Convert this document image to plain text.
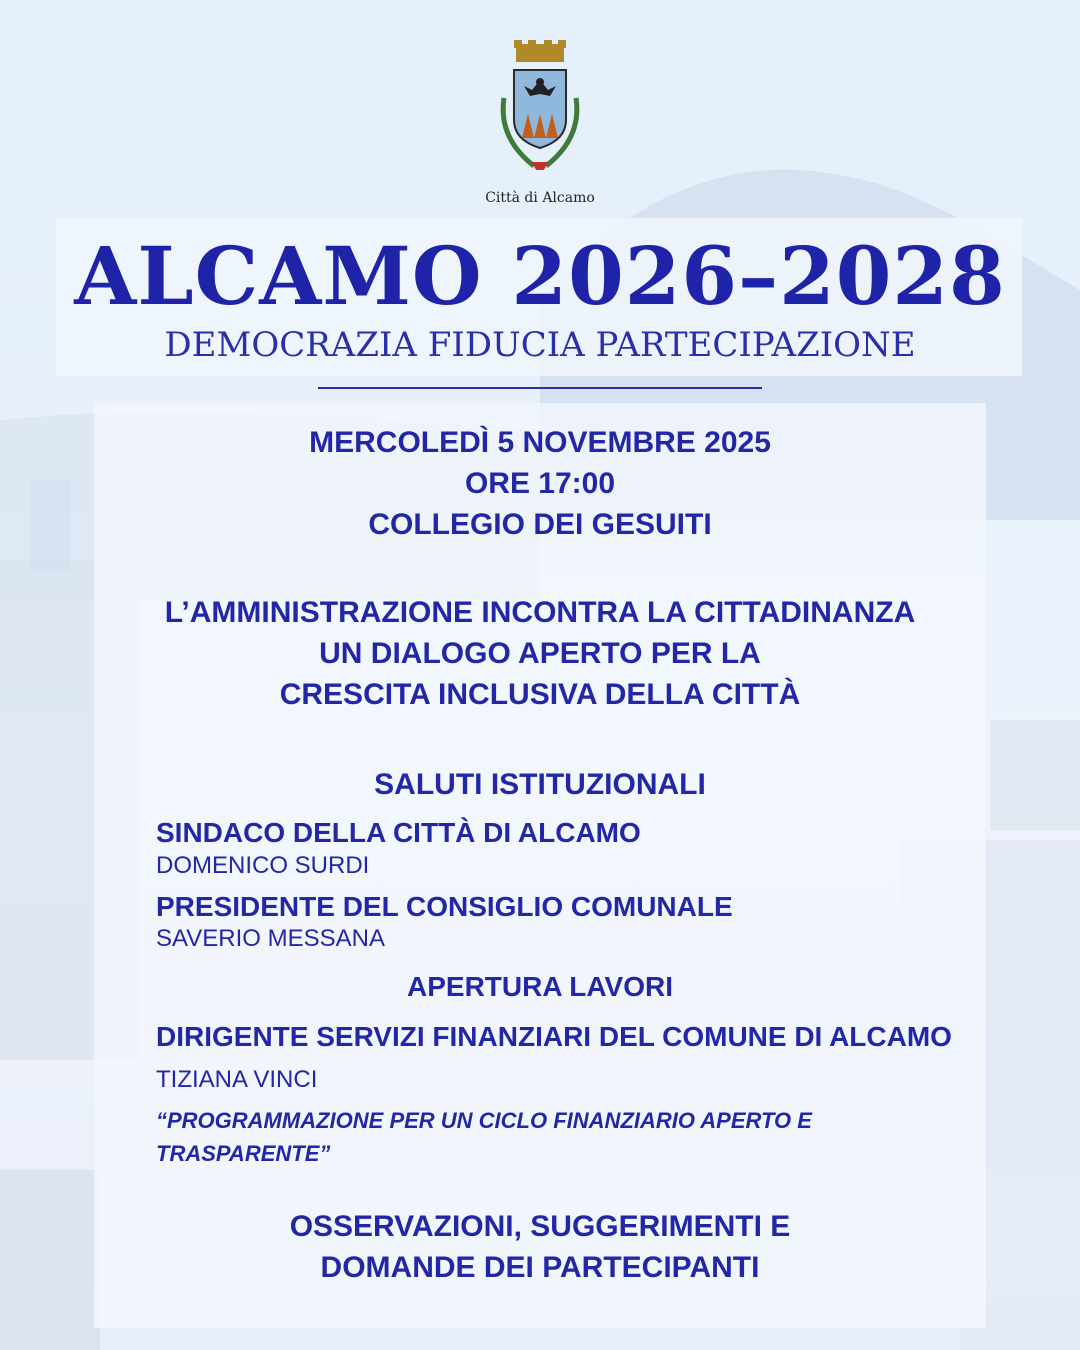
Città di Alcamo
ALCAMO 2026–2028
DEMOCRAZIA FIDUCIA PARTECIPAZIONE
MERCOLEDÌ 5 NOVEMBRE 2025
ORE 17:00
COLLEGIO DEI GESUITI
L’AMMINISTRAZIONE INCONTRA LA CITTADINANZA
UN DIALOGO APERTO PER LA
CRESCITA INCLUSIVA DELLA CITTÀ
SALUTI ISTITUZIONALI
SINDACO DELLA CITTÀ DI ALCAMO
DOMENICO SURDI
PRESIDENTE DEL CONSIGLIO COMUNALE
SAVERIO MESSANA
APERTURA LAVORI
DIRIGENTE SERVIZI FINANZIARI DEL COMUNE DI ALCAMO
TIZIANA VINCI
“PROGRAMMAZIONE PER UN CICLO FINANZIARIO APERTO E TRASPARENTE”
OSSERVAZIONI, SUGGERIMENTI E
DOMANDE DEI PARTECIPANTI
